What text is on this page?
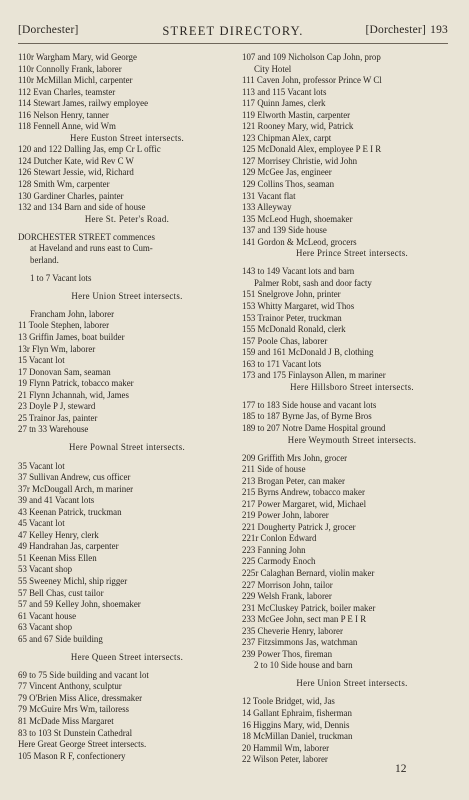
[Dorchester]	STREET DIRECTORY.	[Dorchester] 193
110r Wargham Mary, wid George
110r Connolly Frank, laborer
110r McMillan Michl, carpenter
112 Evan Charles, teamster
114 Stewart James, railwy employee
116 Nelson Henry, tanner
118 Fennell Anne, wid Wm
Here Euston Street intersects.
120 and 122 Dalling Jas, emp Cr L offic
124 Dutcher Kate, wid Rev C W
126 Stewart Jessie, wid, Richard
128 Smith Wm, carpenter
130 Gardiner Charles, painter
132 and 134 Barn and side of house
Here St. Peter's Road.
DORCHESTER STREET commences
at Haveland and runs east to Cum-
berland.
1 to 7 Vacant lots
Here Union Street intersects.
Francham John, laborer
11 Toole Stephen, laborer
13 Griffin James, boat builder
13r Flyn Wm, laborer
15 Vacant lot
17 Donovan Sam, seaman
19 Flynn Patrick, tobacco maker
21 Flynn Jchannah, wid, James
23 Doyle P J, steward
25 Trainor Jas, painter
27 tn 33 Warehouse
Here Pownal Street intersects.
35 Vacant lot
37 Sullivan Andrew, cus officer
37r McDougall Arch, m mariner
39 and 41 Vacant lots
43 Keenan Patrick, truckman
45 Vacant lot
47 Kelley Henry, clerk
49 Handrahan Jas, carpenter
51 Keenan Miss Ellen
53 Vacant shop
55 Sweeney Michl, ship rigger
57 Bell Chas, cust tailor
57 and 59 Kelley John, shoemaker
61 Vacant house
63 Vacant shop
65 and 67 Side building
Here Queen Street intersects.
69 to 75 Side building and vacant lot
77 Vincent Anthony, sculptur
79 O'Brien Miss Alice, dressmaker
79 McGuire Mrs Wm, tailoress
81 McDade Miss Margaret
83 to 103 St Dunstein Cathedral
Here Great George Street intersects.
105 Mason R F, confectionery
107 and 109 Nicholson Cap John, prop
City Hotel
111 Caven John, professor Prince W Cl
113 and 115 Vacant lots
117 Quinn James, clerk
119 Elworth Mastin, carpenter
121 Rooney Mary, wid, Patrick
123 Chipman Alex, carpt
125 McDonald Alex, employee P E I R
127 Morrisey Christie, wid John
129 McGee Jas, engineer
129 Collins Thos, seaman
131 Vacant flat
133 Alleyway
135 McLeod Hugh, shoemaker
137 and 139 Side house
141 Gordon & McLeod, grocers
Here Prince Street intersects.
143 to 149 Vacant lots and barn
Palmer Robt, sash and door facty
151 Snelgrove John, printer
153 Whitty Margaret, wid Thos
153 Trainor Peter, truckman
155 McDonald Ronald, clerk
157 Poole Chas, laborer
159 and 161 McDonald J B, clothing
163 to 171 Vacant lots
173 and 175 Finlayson Allen, m mariner
Here Hillsboro Street intersects.
177 to 183 Side house and vacant lots
185 to 187 Byrne Jas, of Byrne Bros
189 to 207 Notre Dame Hospital ground
Here Weymouth Street intersects.
209 Griffith Mrs John, grocer
211 Side of house
213 Brogan Peter, can maker
215 Byrns Andrew, tobacco maker
217 Power Margaret, wid, Michael
219 Power John, laborer
221 Dougherty Patrick J, grocer
221r Conlon Edward
223 Fanning John
225 Carmody Enoch
225r Calaghan Bernard, violin maker
227 Morrison John, tailor
229 Welsh Frank, laborer
231 McCluskey Patrick, boiler maker
233 McGee John, sect man P E I R
235 Cheverie Henry, laborer
237 Fitzsimmons Jas, watchman
239 Power Thos, fireman
2 to 10 Side house and barn
Here Union Street intersects.
12 Toole Bridget, wid, Jas
14 Gallant Ephraim, fisherman
16 Higgins Mary, wid, Dennis
18 McMillan Daniel, truckman
20 Hammil Wm, laborer
22 Wilson Peter, laborer
12
